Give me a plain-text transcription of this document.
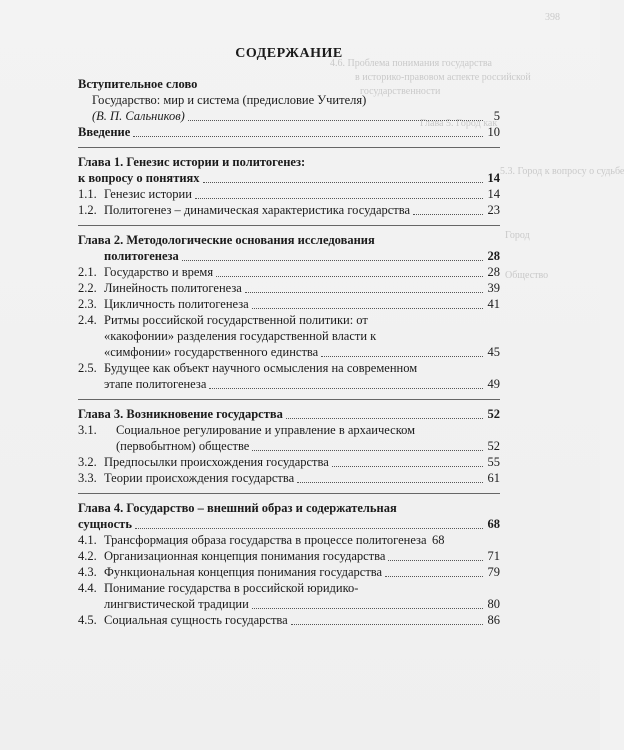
398
4.6. Проблема понимания государства
в историко-правовом аспекте российской
государственности
Глава 5. Город как
5.3. Город к вопросу о судьбе
Город
Общество
СОДЕРЖАНИЕ
Вступительное слово
Государство: мир и система (предисловие Учителя)
(В. П. Сальников)	5
Введение	10
Глава 1. Генезис истории и политогенез:
к вопросу о понятиях	14
1.1. Генезис истории	14
1.2. Политогенез – динамическая характеристика государства	23
Глава 2. Методологические основания исследования
политогенеза	28
2.1. Государство и время	28
2.2. Линейность политогенеза	39
2.3. Цикличность политогенеза	41
2.4. Ритмы российской государственной политики: от
«какофонии» разделения государственной власти к
«симфонии» государственного единства	45
2.5. Будущее как объект научного осмысления на современном
этапе политогенеза	49
Глава 3. Возникновение государства	52
3.1. Социальное регулирование и управление в архаическом
(первобытном) обществе	52
3.2. Предпосылки происхождения государства	55
3.3. Теории происхождения государства	61
Глава 4. Государство – внешний образ и содержательная
сущность	68
4.1. Трансформация образа государства в процессе политогенеза 68
4.2. Организационная концепция понимания государства	71
4.3. Функциональная концепция понимания государства	79
4.4. Понимание государства в российской юридико-
лингвистической традиции	80
4.5. Социальная сущность государства	86
